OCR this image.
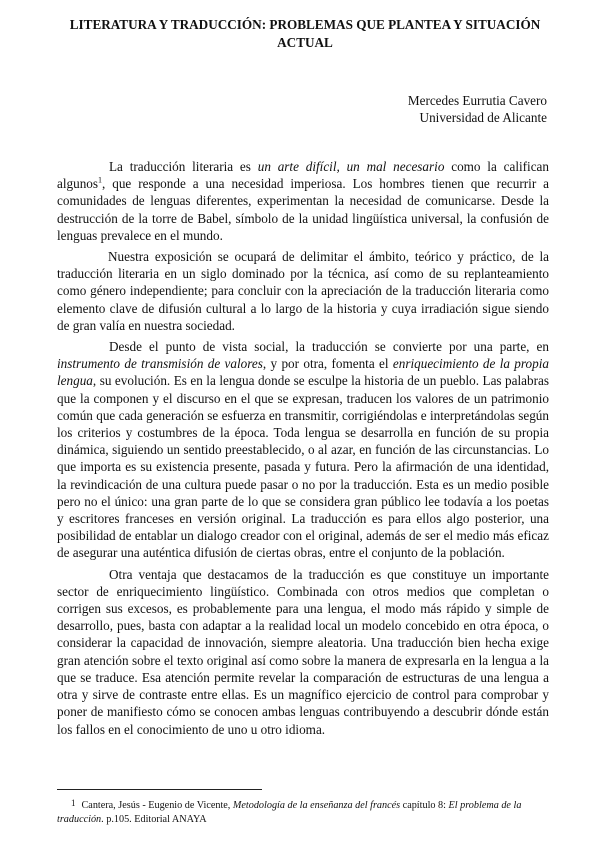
LITERATURA Y TRADUCCIÓN: PROBLEMAS QUE PLANTEA Y SITUACIÓN ACTUAL
Mercedes Eurrutia Cavero
Universidad de Alicante

La traducción literaria es un arte difícil, un mal necesario como la califican algunos$^1$, que responde a una necesidad imperiosa. Los hombres tienen que recurrir a comunidades de lenguas diferentes, experimentan la necesidad de comunicarse. Desde la destrucción de la torre de Babel, símbolo de la unidad lingüística universal, la confusión de lenguas prevalece en el mundo.

Nuestra exposición se ocupará de delimitar el ámbito, teórico y práctico, de la traducción literaria en un siglo dominado por la técnica, así como de su replanteamiento como género independiente; para concluir con la apreciación de la traducción literaria como elemento clave de difusión cultural a lo largo de la historia y cuya irradiación sigue siendo de gran valía en nuestra sociedad.

Desde el punto de vista social, la traducción se convierte por una parte, en instrumento de transmisión de valores, y por otra, fomenta el enriquecimiento de la propia lengua, su evolución. Es en la lengua donde se esculpe la historia de un pueblo. Las palabras que la componen y el discurso en el que se expresan, traducen los valores de un patrimonio común que cada generación se esfuerza en transmitir, corrigiéndolas e interpretándolas según los criterios y costumbres de la época. Toda lengua se desarrolla en función de su propia dinámica, siguiendo un sentido preestablecido, o al azar, en función de las circunstancias. Lo que importa es su existencia presente, pasada y futura. Pero la afirmación de una identidad, la revindicación de una cultura puede pasar o no por la traducción. Esta es un medio posible pero no el único: una gran parte de lo que se considera gran público lee todavía a los poetas y escritores franceses en versión original. La traducción es para ellos algo posterior, una posibilidad de entablar un dialogo creador con el original, además de ser el medio más eficaz de asegurar una auténtica difusión de ciertas obras, entre el conjunto de la población.

Otra ventaja que destacamos de la traducción es que constituye un importante sector de enriquecimiento lingüístico. Combinada con otros medios que completan o corrigen sus excesos, es probablemente para una lengua, el modo más rápido y simple de desarrollo, pues, basta con adaptar a la realidad local un modelo concebido en otra época, o considerar la capacidad de innovación, siempre aleatoria. Una traducción bien hecha exige gran atención sobre el texto original así como sobre la manera de expresarla en la lengua a la que se traduce. Esa atención permite revelar la comparación de estructuras de una lengua a otra y sirve de contraste entre ellas. Es un magnífico ejercicio de control para comprobar y poner de manifiesto cómo se conocen ambas lenguas contribuyendo a descubrir dónde están los fallos en el conocimiento de uno u otro idioma.

1 Cantera, Jesús - Eugenio de Vicente, Metodología de la enseñanza del francés capítulo 8: El problema de la traducción. p.105. Editorial ANAYA
